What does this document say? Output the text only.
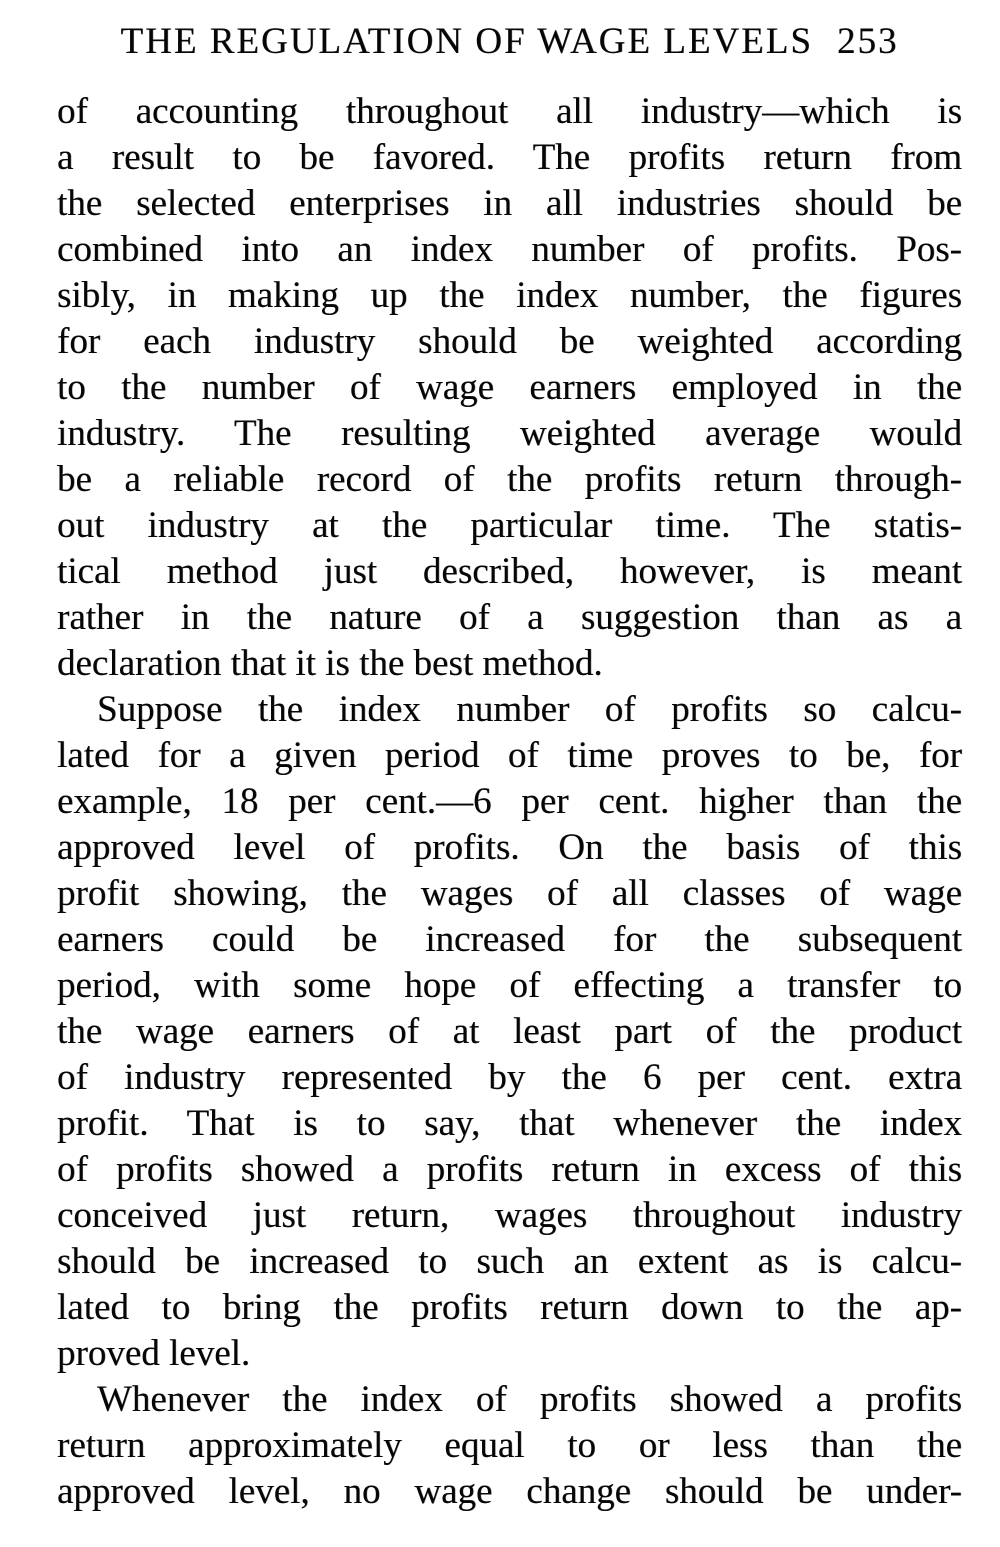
THE REGULATION OF WAGE LEVELS 253
of accounting throughout all industry—which is
a result to be favored. The profits return from
the selected enterprises in all industries should be
combined into an index number of profits. Pos-
sibly, in making up the index number, the figures
for each industry should be weighted according
to the number of wage earners employed in the
industry. The resulting weighted average would
be a reliable record of the profits return through-
out industry at the particular time. The statis-
tical method just described, however, is meant
rather in the nature of a suggestion than as a
declaration that it is the best method.
Suppose the index number of profits so calcu-
lated for a given period of time proves to be, for
example, 18 per cent.—6 per cent. higher than the
approved level of profits. On the basis of this
profit showing, the wages of all classes of wage
earners could be increased for the subsequent
period, with some hope of effecting a transfer to
the wage earners of at least part of the product
of industry represented by the 6 per cent. extra
profit. That is to say, that whenever the index
of profits showed a profits return in excess of this
conceived just return, wages throughout industry
should be increased to such an extent as is calcu-
lated to bring the profits return down to the ap-
proved level.
Whenever the index of profits showed a profits
return approximately equal to or less than the
approved level, no wage change should be under-
